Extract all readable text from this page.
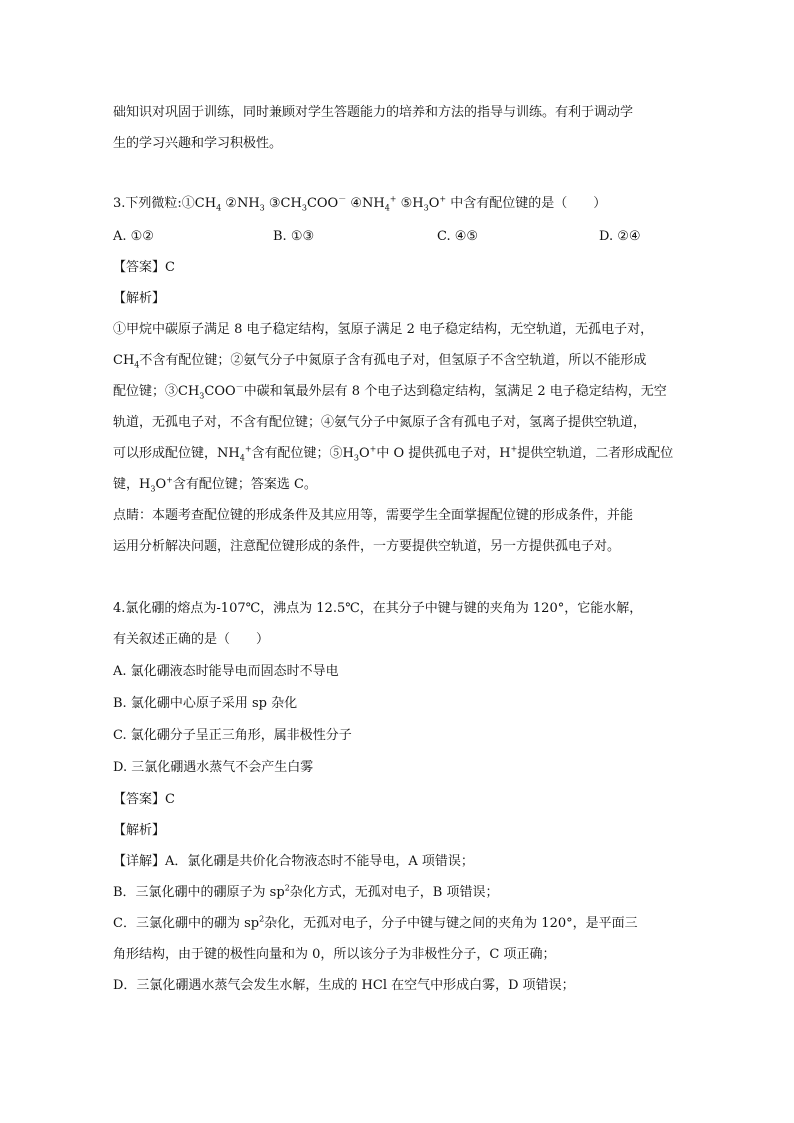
础知识对巩固于训练，同时兼顾对学生答题能力的培养和方法的指导与训练。有利于调动学
生的学习兴趣和学习积极性。
3.下列微粒$:①CH_4$ $②NH_3$ $③CH_3COO^-$ $④NH_4^+$ $⑤H_3O^+$ 中含有配位键的是（　　）
A. ①②	B. ①③	C. ④⑤	D. ②④
【答案】C
【解析】
①甲烷中碳原子满足 8 电子稳定结构，氢原子满足 2 电子稳定结构，无空轨道，无孤电子对，
$CH_4$不含有配位键；②氨气分子中氮原子含有孤电子对，但氢原子不含空轨道，所以不能形成
配位键；$③CH_3COO^-$中碳和氧最外层有 8 个电子达到稳定结构，氢满足 2 电子稳定结构，无空
轨道，无孤电子对，不含有配位键；④氨气分子中氮原子含有孤电子对，氢离子提供空轨道，
可以形成配位键，$NH_4^+$含有配位键；$⑤H_3O^+$中 O 提供孤电子对，H+提供空轨道，二者形成配位
键，$H_3O^+$含有配位键；答案选 C。
点睛：本题考查配位键的形成条件及其应用等，需要学生全面掌握配位键的形成条件，并能
运用分析解决问题，注意配位键形成的条件，一方要提供空轨道，另一方提供孤电子对。
4.氯化硼的熔点为-107℃，沸点为 12.5℃，在其分子中键与键的夹角为 120°，它能水解，
有关叙述正确的是（　　）
A. 氯化硼液态时能导电而固态时不导电
B. 氯化硼中心原子采用 sp 杂化
C. 氯化硼分子呈正三角形，属非极性分子
D. 三氯化硼遇水蒸气不会产生白雾
【答案】C
【解析】
【详解】A．氯化硼是共价化合物液态时不能导电，A 项错误；
B．三氯化硼中的硼原子为 $sp^2$杂化方式，无孤对电子，B 项错误；
C．三氯化硼中的硼为 $sp^2$杂化，无孤对电子，分子中键与键之间的夹角为 120°，是平面三
角形结构，由于键的极性向量和为 0，所以该分子为非极性分子，C 项正确；
D．三氯化硼遇水蒸气会发生水解，生成的 HCl 在空气中形成白雾，D 项错误；
